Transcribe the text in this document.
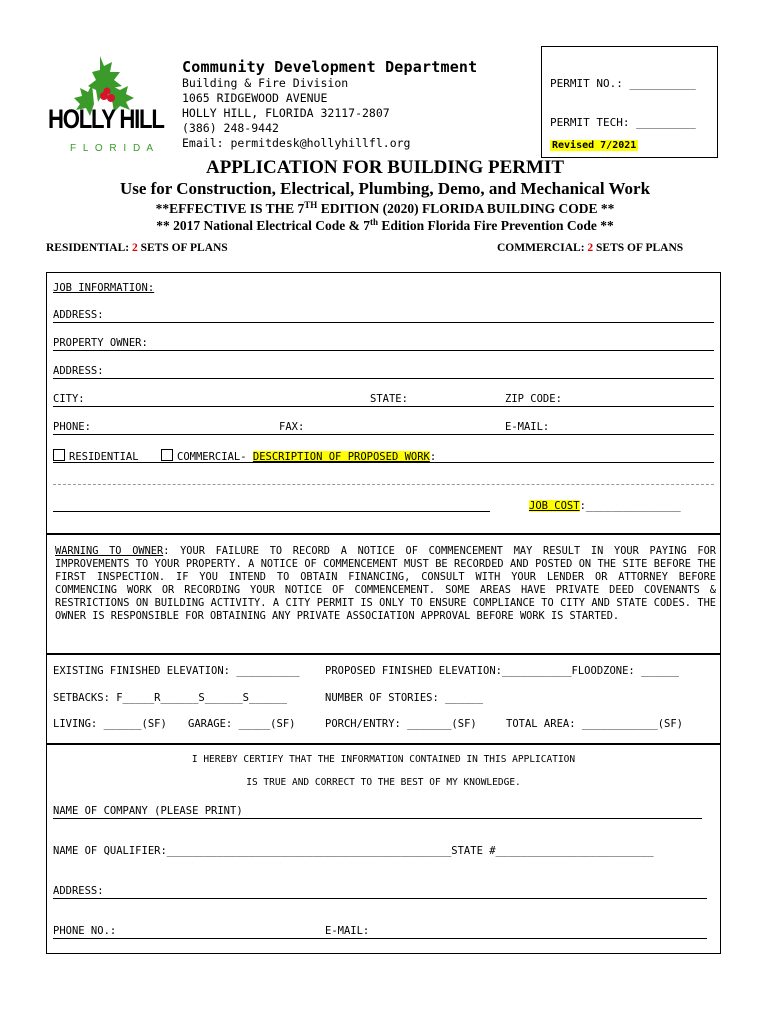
HOLLY HILL
F L O R I D A
Community Development Department
Building & Fire Division
1065 RIDGEWOOD AVENUE
HOLLY HILL, FLORIDA 32117-2807
(386) 248-9442
Email: permitdesk@hollyhillfl.org
PERMIT NO.: __________
PERMIT TECH: _________
Revised 7/2021
APPLICATION FOR BUILDING PERMIT
Use for Construction, Electrical, Plumbing, Demo, and Mechanical Work
**EFFECTIVE IS THE 7TH EDITION (2020) FLORIDA BUILDING CODE **
** 2017 National Electrical Code & 7th Edition Florida Fire Prevention Code **
RESIDENTIAL: 2 SETS OF PLANS	COMMERCIAL: 2 SETS OF PLANS
JOB INFORMATION:
ADDRESS:
PROPERTY OWNER:
ADDRESS:
CITY:	STATE:	ZIP CODE:
PHONE:	FAX:	E-MAIL:
RESIDENTIAL	COMMERCIAL- DESCRIPTION OF PROPOSED WORK:
JOB COST:_______________
WARNING TO OWNER: YOUR FAILURE TO RECORD A NOTICE OF COMMENCEMENT MAY RESULT IN YOUR PAYING FOR IMPROVEMENTS TO YOUR PROPERTY. A NOTICE OF COMMENCEMENT MUST BE RECORDED AND POSTED ON THE SITE BEFORE THE FIRST INSPECTION. IF YOU INTEND TO OBTAIN FINANCING, CONSULT WITH YOUR LENDER OR ATTORNEY BEFORE COMMENCING WORK OR RECORDING YOUR NOTICE OF COMMENCEMENT. SOME AREAS HAVE PRIVATE DEED COVENANTS & RESTRICTIONS ON BUILDING ACTIVITY. A CITY PERMIT IS ONLY TO ENSURE COMPLIANCE TO CITY AND STATE CODES. THE OWNER IS RESPONSIBLE FOR OBTAINING ANY PRIVATE ASSOCIATION APPROVAL BEFORE WORK IS STARTED.
EXISTING FINISHED ELEVATION: __________ PROPOSED FINISHED ELEVATION:___________FLOODZONE: ______
SETBACKS: F_____R______S______S______	NUMBER OF STORIES: ______
LIVING: ______(SF) GARAGE: _____(SF)	PORCH/ENTRY: _______(SF)	TOTAL AREA: ____________(SF)
I HEREBY CERTIFY THAT THE INFORMATION CONTAINED IN THIS APPLICATION
IS TRUE AND CORRECT TO THE BEST OF MY KNOWLEDGE.
NAME OF COMPANY (PLEASE PRINT)
NAME OF QUALIFIER:_____________________________________________STATE #_________________________
ADDRESS:
PHONE NO.:	E-MAIL:
